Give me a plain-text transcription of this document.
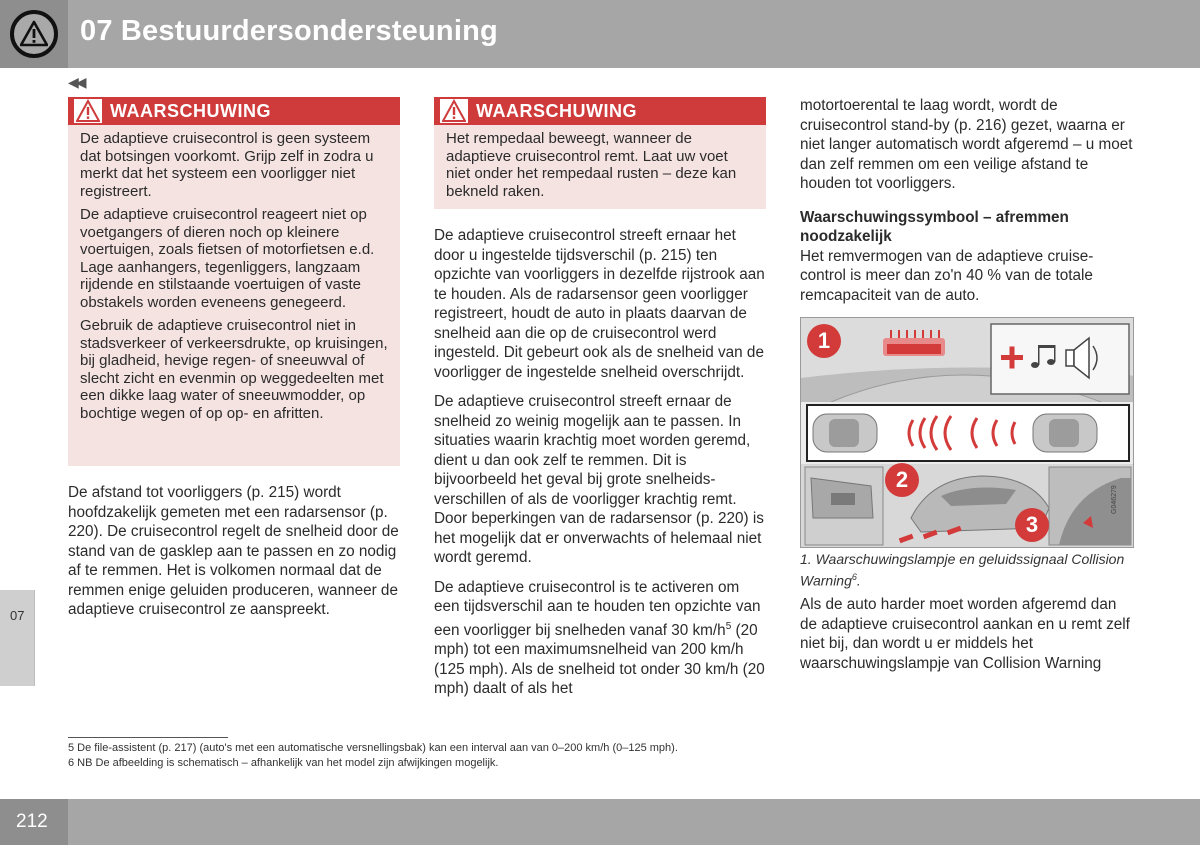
07 Bestuurdersondersteuning
◀◀
07
WAARSCHUWING

De adaptieve cruisecontrol is geen systeem dat botsingen voorkomt. Grijp zelf in zodra u merkt dat het systeem een voorligger niet registreert.

De adaptieve cruisecontrol reageert niet op voetgangers of dieren noch op kleinere voertuigen, zoals fietsen of motorfietsen e.d. Lage aanhangers, tegenliggers, langzaam rijdende en stilstaande voertuigen of vaste obstakels worden eveneens genegeerd.

Gebruik de adaptieve cruisecontrol niet in stadsverkeer of verkeersdrukte, op kruisingen, bij gladheid, hevige regen- of sneeuwval of slecht zicht en evenmin op weggedeelten met een dikke laag water of sneeuwmodder, op bochtige wegen of op op- en afritten.

De afstand tot voorliggers (p. 215) wordt hoofdzakelijk gemeten met een radarsensor (p. 220). De cruisecontrol regelt de snelheid door de stand van de gasklep aan te passen en zo nodig af te remmen. Het is volkomen normaal dat de remmen enige geluiden produceren, wanneer de adaptieve cruisecontrol ze aanspreekt.

WAARSCHUWING

Het rempedaal beweegt, wanneer de adaptieve cruisecontrol remt. Laat uw voet niet onder het rempedaal rusten – deze kan bekneld raken.

De adaptieve cruisecontrol streeft ernaar het door u ingestelde tijdsverschil (p. 215) ten opzichte van voorliggers in dezelfde rijstrook aan te houden. Als de radarsensor geen voorligger registreert, houdt de auto in plaats daarvan de snelheid aan die op de cruisecontrol werd ingesteld. Dit gebeurt ook als de snelheid van de voorligger de ingestelde snelheid overschrijdt.

De adaptieve cruisecontrol streeft ernaar de snelheid zo weinig mogelijk aan te passen. In situaties waarin krachtig moet worden geremd, dient u dan ook zelf te remmen. Dit is bijvoorbeeld het geval bij grote snelheidsverschillen of als de voorligger krachtig remt. Door beperkingen van de radarsensor (p. 220) is het mogelijk dat er onverwachts of helemaal niet wordt geremd.

De adaptieve cruisecontrol is te activeren om een tijdsverschil aan te houden ten opzichte van een voorligger bij snelheden vanaf 30 $km/h^5$ (20 mph) tot een maximumsnelheid van 200 km/h (125 mph). Als de snelheid tot onder 30 km/h (20 mph) daalt of als het

motortoerental te laag wordt, wordt de cruisecontrol stand-by (p. 216) gezet, waarna er niet langer automatisch wordt afgeremd – u moet dan zelf remmen om een veilige afstand te houden tot voorliggers.

Waarschuwingssymbool – afremmen noodzakelijk

Het remvermogen van de adaptieve cruisecontrol is meer dan zo'n 40 % van de totale remcapaciteit van de auto.

1
2
3
G046279
1. Waarschuwingslampje en geluidssignaal Collision Warning$^6$.

Als de auto harder moet worden afgeremd dan de adaptieve cruisecontrol aankan en u remt zelf niet bij, dan wordt u er middels het waarschuwingslampje van Collision Warning

5 De file-assistent (p. 217) (auto's met een automatische versnellingsbak) kan een interval aan van 0–200 km/h (0–125 mph).
6 NB De afbeelding is schematisch – afhankelijk van het model zijn afwijkingen mogelijk.
212
